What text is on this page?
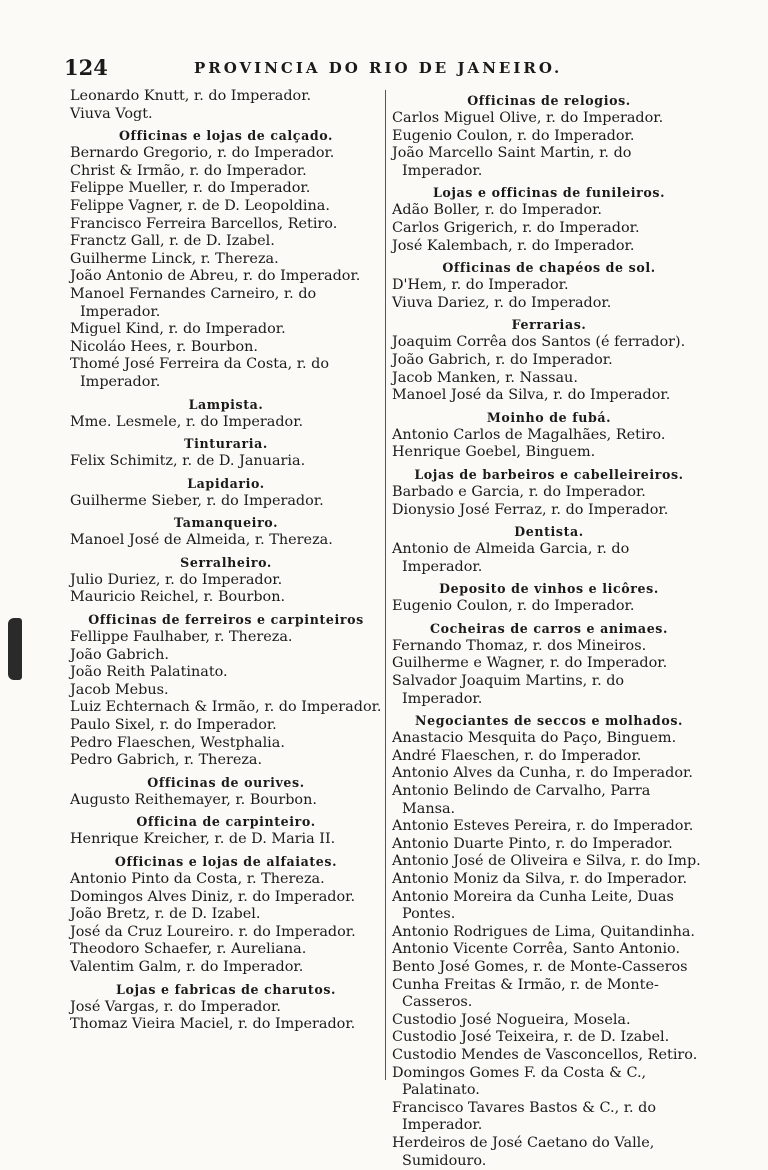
124	PROVINCIA DO RIO DE JANEIRO.
Leonardo Knutt, r. do Imperador.
Viuva Vogt.
Officinas e lojas de calçado.
Bernardo Gregorio, r. do Imperador.
Christ & Irmão, r. do Imperador.
Felippe Mueller, r. do Imperador.
Felippe Vagner, r. de D. Leopoldina.
Francisco Ferreira Barcellos, Retiro.
Franctz Gall, r. de D. Izabel.
Guilherme Linck, r. Thereza.
João Antonio de Abreu, r. do Imperador.
Manoel Fernandes Carneiro, r. do Imperador.
Miguel Kind, r. do Imperador.
Nicoláo Hees, r. Bourbon.
Thomé José Ferreira da Costa, r. do Imperador.
Lampista.
Mme. Lesmele, r. do Imperador.
Tinturaria.
Felix Schimitz, r. de D. Januaria.
Lapidario.
Guilherme Sieber, r. do Imperador.
Tamanqueiro.
Manoel José de Almeida, r. Thereza.
Serralheiro.
Julio Duriez, r. do Imperador.
Mauricio Reichel, r. Bourbon.
Officinas de ferreiros e carpinteiros
Fellippe Faulhaber, r. Thereza.
João Gabrich.
João Reith Palatinato.
Jacob Mebus.
Luiz Echternach & Irmão, r. do Imperador.
Paulo Sixel, r. do Imperador.
Pedro Flaeschen, Westphalia.
Pedro Gabrich, r. Thereza.
Officinas de ourives.
Augusto Reithemayer, r. Bourbon.
Officina de carpinteiro.
Henrique Kreicher, r. de D. Maria II.
Officinas e lojas de alfaiates.
Antonio Pinto da Costa, r. Thereza.
Domingos Alves Diniz, r. do Imperador.
João Bretz, r. de D. Izabel.
José da Cruz Loureiro. r. do Imperador.
Theodoro Schaefer, r. Aureliana.
Valentim Galm, r. do Imperador.
Lojas e fabricas de charutos.
José Vargas, r. do Imperador.
Thomaz Vieira Maciel, r. do Imperador.
Officinas de relogios.
Carlos Miguel Olive, r. do Imperador.
Eugenio Coulon, r. do Imperador.
João Marcello Saint Martin, r. do Imperador.
Lojas e officinas de funileiros.
Adão Boller, r. do Imperador.
Carlos Grigerich, r. do Imperador.
José Kalembach, r. do Imperador.
Officinas de chapéos de sol.
D'Hem, r. do Imperador.
Viuva Dariez, r. do Imperador.
Ferrarias.
Joaquim Corrêa dos Santos (é ferrador).
João Gabrich, r. do Imperador.
Jacob Manken, r. Nassau.
Manoel José da Silva, r. do Imperador.
Moinho de fubá.
Antonio Carlos de Magalhães, Retiro.
Henrique Goebel, Binguem.
Lojas de barbeiros e cabelleireiros.
Barbado e Garcia, r. do Imperador.
Dionysio José Ferraz, r. do Imperador.
Dentista.
Antonio de Almeida Garcia, r. do Imperador.
Deposito de vinhos e licôres.
Eugenio Coulon, r. do Imperador.
Cocheiras de carros e animaes.
Fernando Thomaz, r. dos Mineiros.
Guilherme e Wagner, r. do Imperador.
Salvador Joaquim Martins, r. do Imperador.
Negociantes de seccos e molhados.
Anastacio Mesquita do Paço, Binguem.
André Flaeschen, r. do Imperador.
Antonio Alves da Cunha, r. do Imperador.
Antonio Belindo de Carvalho, Parra Mansa.
Antonio Esteves Pereira, r. do Imperador.
Antonio Duarte Pinto, r. do Imperador.
Antonio José de Oliveira e Silva, r. do Imp.
Antonio Moniz da Silva, r. do Imperador.
Antonio Moreira da Cunha Leite, Duas Pontes.
Antonio Rodrigues de Lima, Quitandinha.
Antonio Vicente Corrêa, Santo Antonio.
Bento José Gomes, r. de Monte-Casseros
Cunha Freitas & Irmão, r. de Monte-Casseros.
Custodio José Nogueira, Mosela.
Custodio José Teixeira, r. de D. Izabel.
Custodio Mendes de Vasconcellos, Retiro.
Domingos Gomes F. da Costa & C., Palatinato.
Francisco Tavares Bastos & C., r. do Imperador.
Herdeiros de José Caetano do Valle, Sumidouro.
